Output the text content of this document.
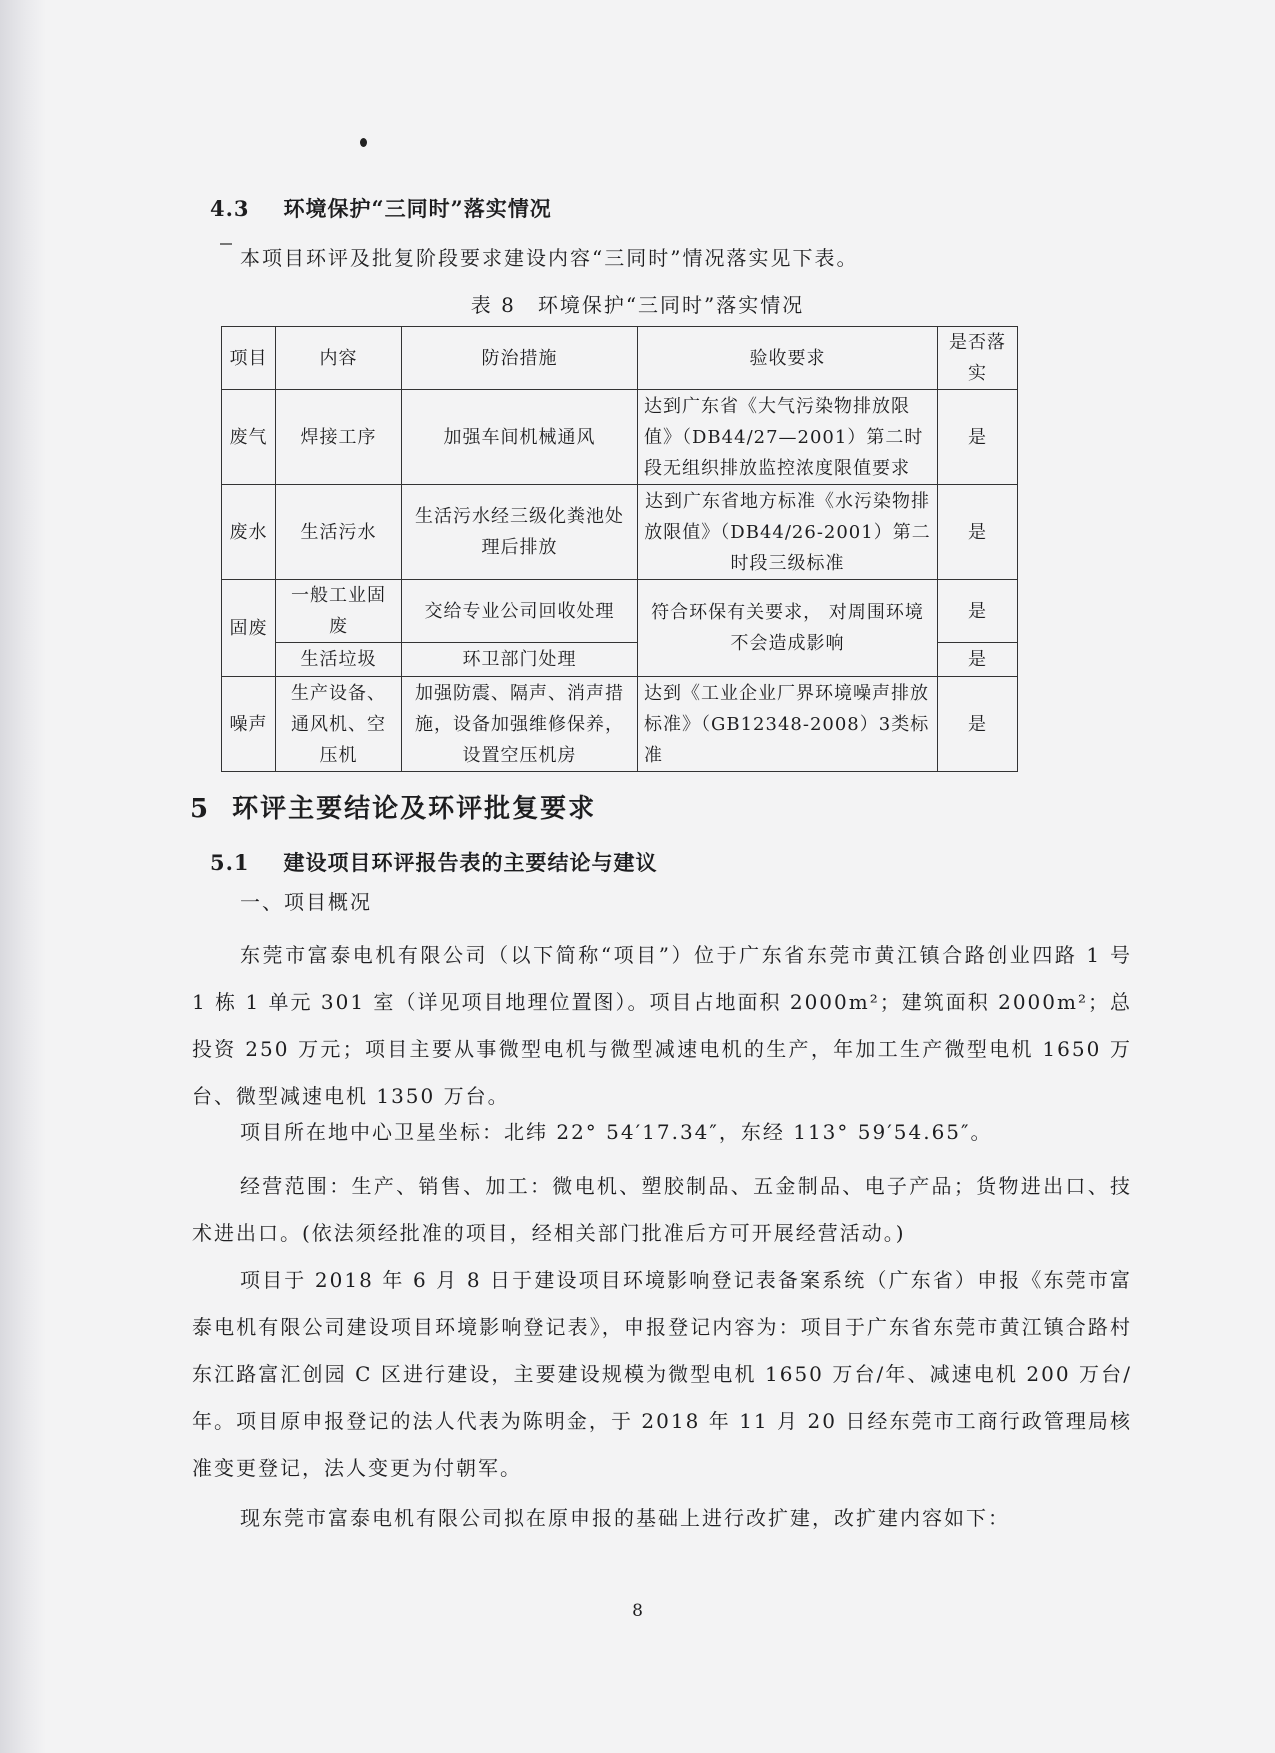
4.3 环境保护“三同时”落实情况
本项目环评及批复阶段要求建设内容“三同时”情况落实见下表。
表 8　环境保护“三同时”落实情况
项目	内容	防治措施	验收要求	是否落实
废气	焊接工序	加强车间机械通风	达到广东省《大气污染物排放限值》（DB44/27—2001）第二时段无组织排放监控浓度限值要求	是
废水	生活污水	生活污水经三级化粪池处理后排放	达到广东省地方标准《水污染物排放限值》（DB44/26-2001）第二时段三级标准	是
固废	一般工业固废	交给专业公司回收处理	符合环保有关要求， 对周围环境不会造成影响	是
	生活垃圾	环卫部门处理		是
噪声	生产设备、通风机、空压机	加强防震、隔声、消声措施，设备加强维修保养，设置空压机房	达到《工业企业厂界环境噪声排放标准》（GB12348-2008）3类标准	是
5 环评主要结论及环评批复要求
5.1 建设项目环评报告表的主要结论与建议
一、项目概况

东莞市富泰电机有限公司（以下简称“项目”）位于广东省东莞市黄江镇合路创业四路 1 号 1 栋 1 单元 301 室（详见项目地理位置图）。项目占地面积 2000m²；建筑面积 2000m²；总投资 250 万元；项目主要从事微型电机与微型减速电机的生产，年加工生产微型电机 1650 万台、微型减速电机 1350 万台。

项目所在地中心卫星坐标：北纬 22° 54′17.34″，东经 113° 59′54.65″。

经营范围：生产、销售、加工：微电机、塑胶制品、五金制品、电子产品；货物进出口、技术进出口。(依法须经批准的项目，经相关部门批准后方可开展经营活动。)

项目于 2018 年 6 月 8 日于建设项目环境影响登记表备案系统（广东省）申报《东莞市富泰电机有限公司建设项目环境影响登记表》，申报登记内容为：项目于广东省东莞市黄江镇合路村东江路富汇创园 C 区进行建设，主要建设规模为微型电机 1650 万台/年、减速电机 200 万台/年。项目原申报登记的法人代表为陈明金，于 2018 年 11 月 20 日经东莞市工商行政管理局核准变更登记，法人变更为付朝军。

现东莞市富泰电机有限公司拟在原申报的基础上进行改扩建，改扩建内容如下：

8
